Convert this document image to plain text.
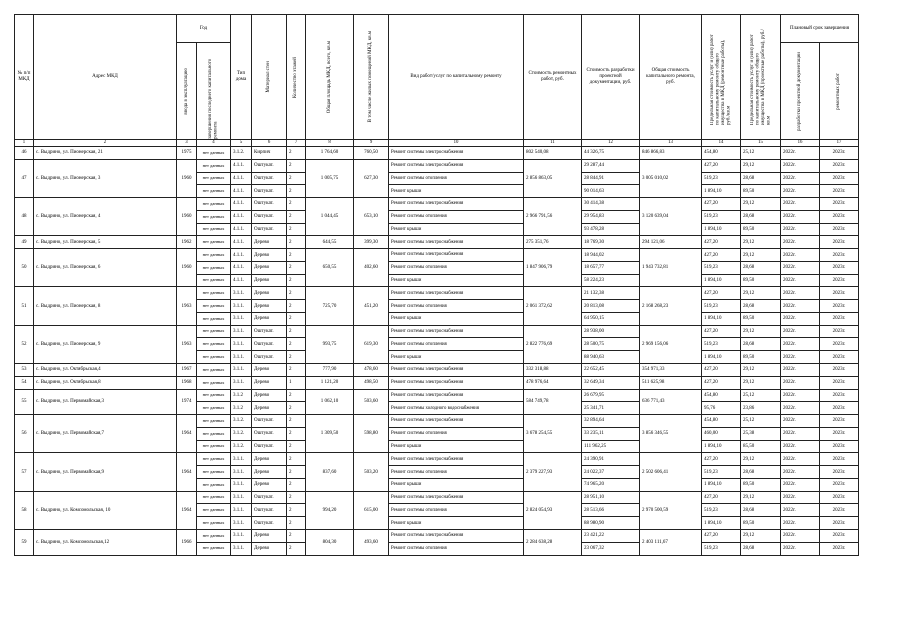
№ п/п МКД	Адрес МКД	Год		Тип дома	Материал стен	Количество этажей	Общая площадь МКД, всего, кв.м	В том числе жилых помещений МКД, кв.м	Вид работ/услуг по капитальному ремонту	Стоимость ремонтных работ, руб.	Стоимость разработки проектной документации, руб.	Общая стоимость капитального ремонта, руб.	Предельная стоимость услуг и (или) работ по капитальному ремонту общего имущества в МКД (ремонтные работы), руб./кв.м	Предельная стоимость услуг и (или) работ по капитальному ремонту общего имущества в МКД (проектные работы), руб./кв.м	Плановый срок завершения	

		ввода в эксплуатацию	завершения последнего капитального ремонта												разработки проектной документации	ремонтных работ

1	2	3	4	5	6	7	8	9	10	11	12	13	14	15	16	17
46	с. Выдрино, ул. Пионерская, 21	1975	нет данных	3.1.2.	Кирпич	2	1 764,60	760,50	Ремонт системы электроснабжения	802 540,08	44 326,75	846 866,83	454,80	25,12	2022г.	2023г.
47	с. Выдрино, ул. Пионерская, 3	1960	нет данных	4.1.1.	Оштукат.	2	1 005,75	627,30	Ремонт системы электроснабжения	2 856 863,05	29 287,44	3 005 010,02	427,20	29,12	2022г.	2023г.
			нет данных	4.1.1.	Оштукат.	2			Ремонт системы отопления		28 844,91		519,23	28,68	2022г.	2023г.
			нет данных	4.1.1.	Оштукат.	2			Ремонт крыши		90 014,63		1 894,10	89,50	2022г.	2023г.
48	с. Выдрино, ул. Пионерская, 4	1960	нет данных	4.1.1.	Оштукат.	2	1 044,45	653,10	Ремонт системы электроснабжения	2 966 791,56	30 414,38	3 120 639,04	427,20	29,12	2022г.	2023г.
			нет данных	4.1.1.	Оштукат.	2			Ремонт системы отопления		29 954,83		519,23	28,68	2022г.	2023г.
			нет данных	4.1.1.	Оштукат.	2			Ремонт крыши		93 478,28		1 894,10	89,50	2022г.	2023г.
49	с. Выдрино, ул. Пионерская, 5	1962	нет данных	4.1.1.	Дерево	2	644,55	399,30	Ремонт системы электроснабжения	275 351,76	18 769,30	294 121,06	427,20	29,12	2022г.	2023г.
50	с. Выдрино, ул. Пионерская, 6	1960	нет данных	4.1.1.	Дерево	2	650,55	402,60	Ремонт системы электроснабжения	1 847 906,79	18 944,02	1 943 732,81	427,20	29,12	2022г.	2023г.
			нет данных	4.1.1.	Дерево	2			Ремонт системы отопления		18 657,77		519,23	28,68	2022г.	2023г.
			нет данных	4.1.1.	Дерево	2			Ремонт крыши		58 224,23		1 894,10	89,50	2022г.	2023г.
51	с. Выдрино, ул. Пионерская, 8	1963	нет данных	3.1.1.	Дерево	2	725,70	451,20	Ремонт системы электроснабжения	2 061 372,62	21 132,38	2 168 268,23	427,20	29,12	2022г.	2023г.
			нет данных	3.1.1.	Дерево	2			Ремонт системы отопления		20 813,08		519,23	28,68	2022г.	2023г.
			нет данных	3.1.1.	Дерево	2			Ремонт крыши		64 950,15		1 894,10	89,50	2022г.	2023г.
52	с. Выдрино, ул. Пионерская, 9	1963	нет данных	3.1.1.	Оштукат.	2	993,75	619,30	Ремонт системы электроснабжения	2 822 776,69	28 938,00	2 969 156,06	427,20	29,12	2022г.	2023г.
			нет данных	3.1.1.	Оштукат.	2			Ремонт системы отопления		28 500,75		519,23	28,68	2022г.	2023г.
			нет данных	3.1.1.	Оштукат.	2			Ремонт крыши		88 940,63		1 894,10	89,50	2022г.	2023г.
53	с. Выдрино, ул. Октябрьская,4	1967	нет данных	3.1.1.	Дерево	2	777,90	478,60	Ремонт системы электроснабжения	332 318,88	22 652,45	354 971,33	427,20	29,12	2022г.	2023г.
54	с. Выдрино, ул. Октябрьская,8	1968	нет данных	3.1.1.	Дерево	1	1 121,20	498,50	Ремонт системы электроснабжения	478 976,64	32 649,34	511 625,98	427,20	29,12	2022г.	2023г.
55	с. Выдрино, ул. Первомайская,3	1974	нет данных	3.1.2	Дерево	2	1 062,10	503,60	Ремонт системы электроснабжения	584 749,78	26 679,95	636 771,43	454,80	25,12	2022г.	2023г.
			нет данных	3.1.2	Дерево	2			Ремонт системы холодного водоснабжения		25 341,71		95,76	23,86	2022г.	2023г.
56	с. Выдрино, ул. Первомайская,7	1964	нет данных	3.1.2.	Оштукат.	2	1 309,50	598,80	Ремонт системы электроснабжения	3 678 254,55	32 894,64	3 856 346,55	454,80	25,12	2022г.	2023г.
			нет данных	3.1.2.	Оштукат.	2			Ремонт системы отопления		33 235,11		460,00	25,38	2022г.	2023г.
			нет данных	3.1.2.	Оштукат.	2			Ремонт крыши		111 962,25		1 894,10	85,50	2022г.	2023г.
57	с. Выдрино, ул. Первомайская,9	1964	нет данных	3.1.1.	Дерево	2	837,60	503,20	Ремонт системы электроснабжения	2 379 227,93	24 390,91	2 502 606,41	427,20	29,12	2022г.	2023г.
			нет данных	3.1.1.	Дерево	2			Ремонт системы отопления		24 022,37		519,23	28,68	2022г.	2023г.
			нет данных	3.1.1.	Дерево	2			Ремонт крыши		74 965,20		1 894,10	89,50	2022г.	2023г.
58	с. Выдрино, ул. Комсомольская, 10	1964	нет данных	3.1.1.	Оштукат.	2	994,20	615,00	Ремонт системы электроснабжения	2 824 054,93	28 951,10	2 970 500,59	427,20	29,12	2022г.	2023г.
			нет данных	3.1.1.	Оштукат.	2			Ремонт системы отопления		28 513,66		519,23	28,68	2022г.	2023г.
			нет данных	3.1.1.	Оштукат.	2			Ремонт крыши		88 980,90		1 894,10	89,50	2022г.	2023г.
59	с. Выдрино, ул. Комсомольская,12	1966	нет данных	3.1.1.	Дерево	2	804,30	493,60	Ремонт системы электроснабжения	2 284 638,28	23 421,22	2 403 111,67	427,20	29,12	2022г.	2023г.
			нет данных	3.1.1.	Дерево	2			Ремонт системы отопления		23 067,32		519,23	28,68	2022г.	2023г.
